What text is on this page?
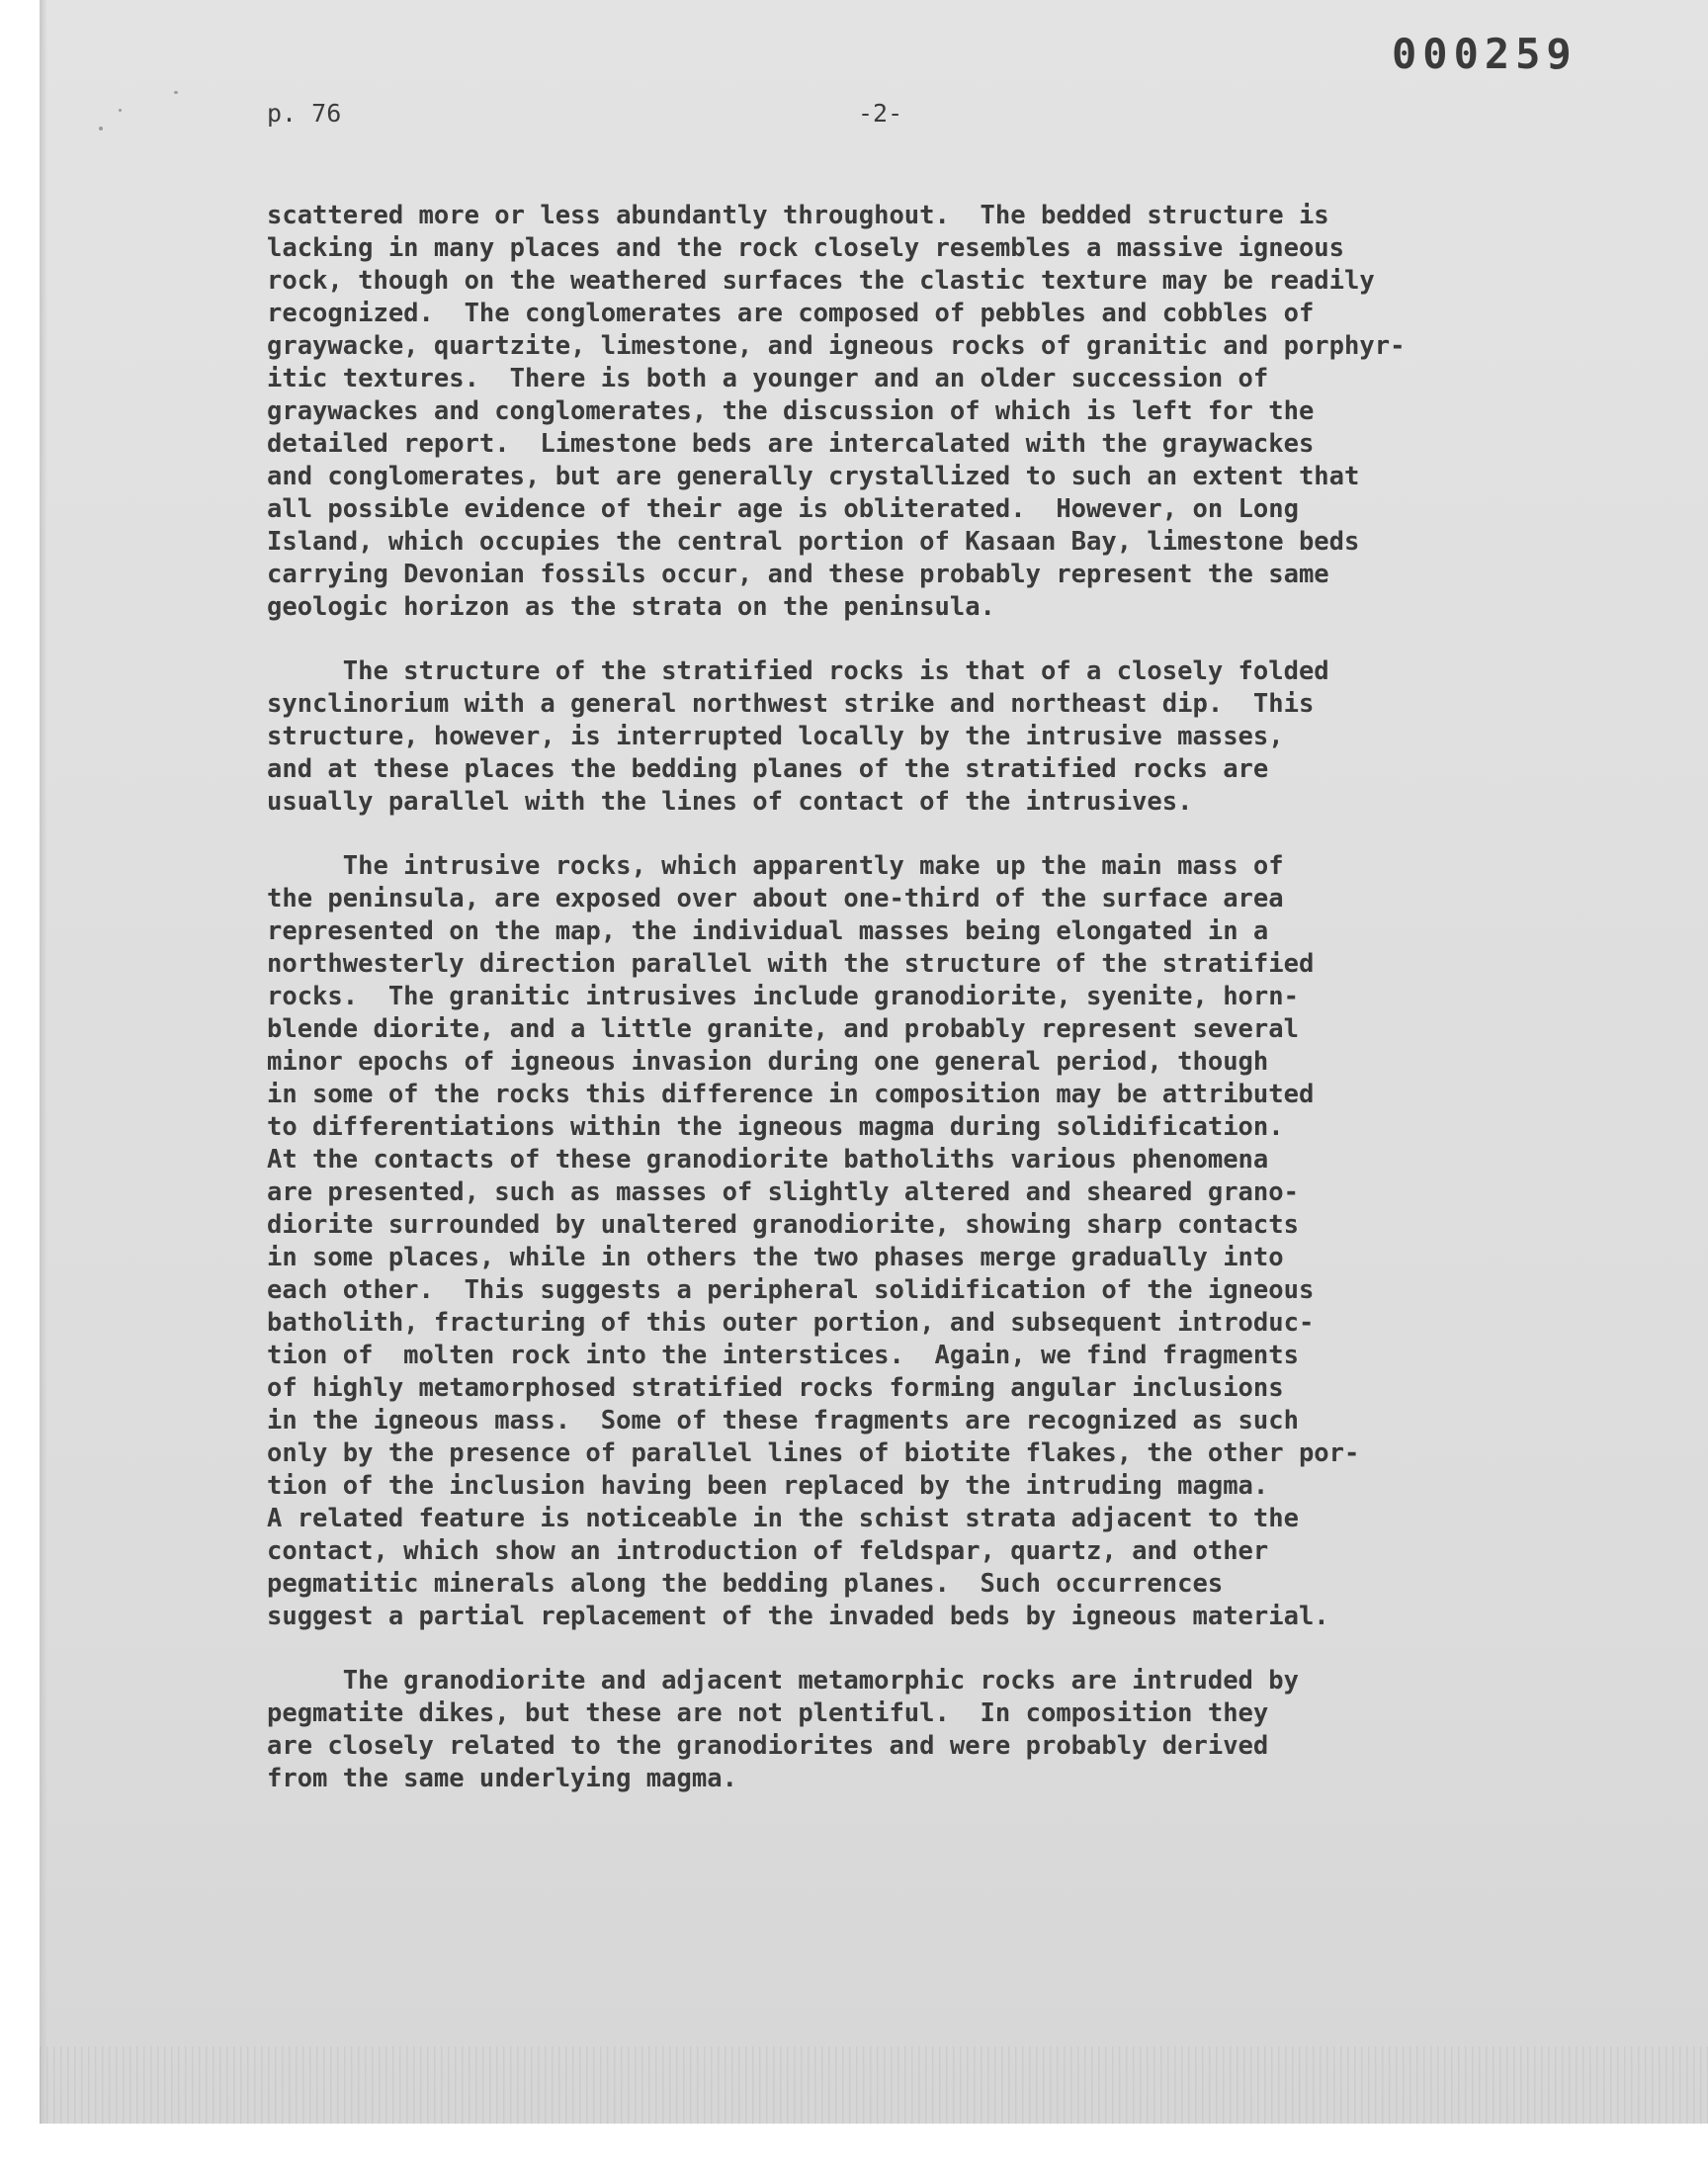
000259
p. 76	-2-

scattered more or less abundantly throughout.  The bedded structure is
lacking in many places and the rock closely resembles a massive igneous
rock, though on the weathered surfaces the clastic texture may be readily
recognized.  The conglomerates are composed of pebbles and cobbles of
graywacke, quartzite, limestone, and igneous rocks of granitic and porphyr-
itic textures.  There is both a younger and an older succession of
graywackes and conglomerates, the discussion of which is left for the
detailed report.  Limestone beds are intercalated with the graywackes
and conglomerates, but are generally crystallized to such an extent that
all possible evidence of their age is obliterated.  However, on Long
Island, which occupies the central portion of Kasaan Bay, limestone beds
carrying Devonian fossils occur, and these probably represent the same
geologic horizon as the strata on the peninsula.

The structure of the stratified rocks is that of a closely folded
synclinorium with a general northwest strike and northeast dip.  This
structure, however, is interrupted locally by the intrusive masses,
and at these places the bedding planes of the stratified rocks are
usually parallel with the lines of contact of the intrusives.

The intrusive rocks, which apparently make up the main mass of
the peninsula, are exposed over about one-third of the surface area
represented on the map, the individual masses being elongated in a
northwesterly direction parallel with the structure of the stratified
rocks.  The granitic intrusives include granodiorite, syenite, horn-
blende diorite, and a little granite, and probably represent several
minor epochs of igneous invasion during one general period, though
in some of the rocks this difference in composition may be attributed
to differentiations within the igneous magma during solidification.
At the contacts of these granodiorite batholiths various phenomena
are presented, such as masses of slightly altered and sheared grano-
diorite surrounded by unaltered granodiorite, showing sharp contacts
in some places, while in others the two phases merge gradually into
each other.  This suggests a peripheral solidification of the igneous
batholith, fracturing of this outer portion, and subsequent introduc-
tion of  molten rock into the interstices.  Again, we find fragments
of highly metamorphosed stratified rocks forming angular inclusions
in the igneous mass.  Some of these fragments are recognized as such
only by the presence of parallel lines of biotite flakes, the other por-
tion of the inclusion having been replaced by the intruding magma.
A related feature is noticeable in the schist strata adjacent to the
contact, which show an introduction of feldspar, quartz, and other
pegmatitic minerals along the bedding planes.  Such occurrences
suggest a partial replacement of the invaded beds by igneous material.

The granodiorite and adjacent metamorphic rocks are intruded by
pegmatite dikes, but these are not plentiful.  In composition they
are closely related to the granodiorites and were probably derived
from the same underlying magma.
